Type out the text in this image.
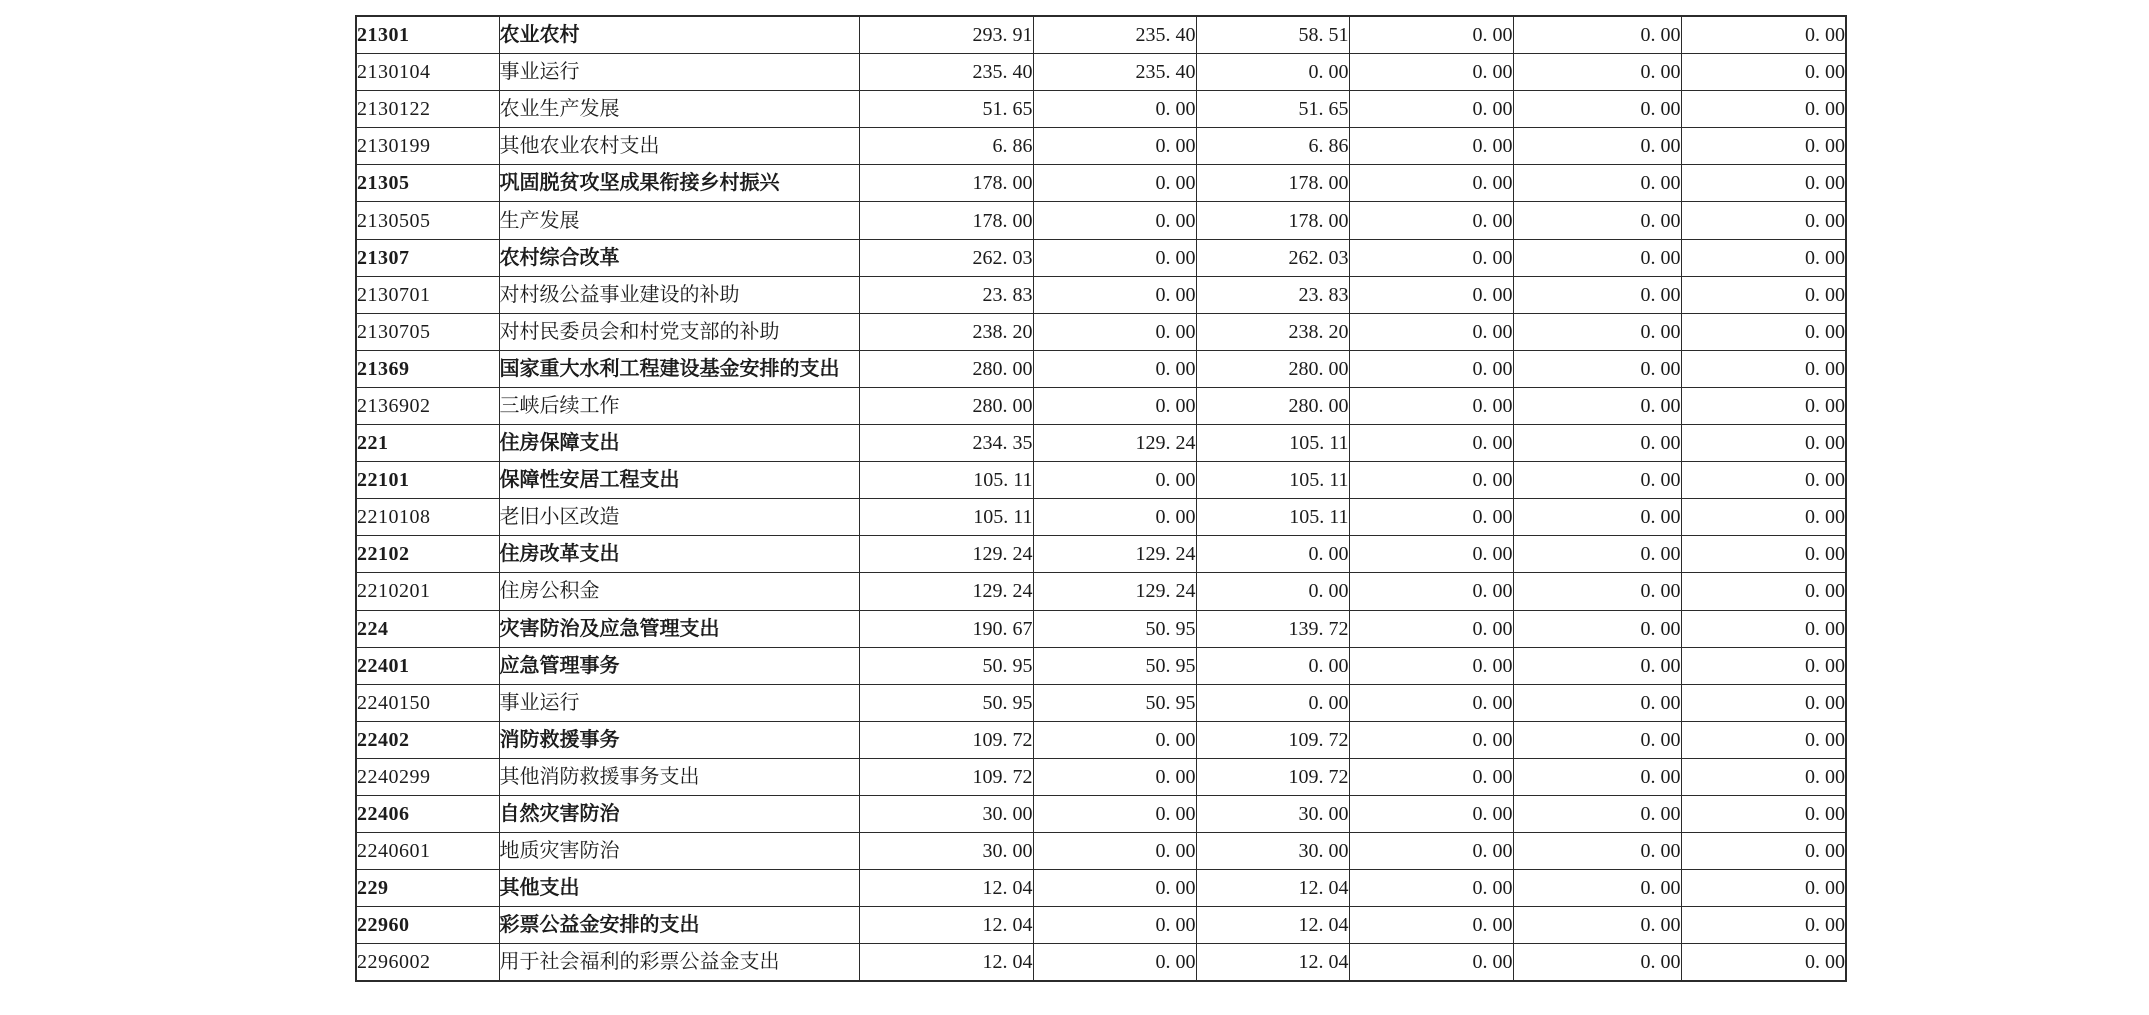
21301	农业农村	293. 91	235. 40	58. 51	0. 00	0. 00	0. 00
2130104	事业运行	235. 40	235. 40	0. 00	0. 00	0. 00	0. 00
2130122	农业生产发展	51. 65	0. 00	51. 65	0. 00	0. 00	0. 00
2130199	其他农业农村支出	6. 86	0. 00	6. 86	0. 00	0. 00	0. 00
21305	巩固脱贫攻坚成果衔接乡村振兴	178. 00	0. 00	178. 00	0. 00	0. 00	0. 00
2130505	生产发展	178. 00	0. 00	178. 00	0. 00	0. 00	0. 00
21307	农村综合改革	262. 03	0. 00	262. 03	0. 00	0. 00	0. 00
2130701	对村级公益事业建设的补助	23. 83	0. 00	23. 83	0. 00	0. 00	0. 00
2130705	对村民委员会和村党支部的补助	238. 20	0. 00	238. 20	0. 00	0. 00	0. 00
21369	国家重大水利工程建设基金安排的支出	280. 00	0. 00	280. 00	0. 00	0. 00	0. 00
2136902	三峡后续工作	280. 00	0. 00	280. 00	0. 00	0. 00	0. 00
221	住房保障支出	234. 35	129. 24	105. 11	0. 00	0. 00	0. 00
22101	保障性安居工程支出	105. 11	0. 00	105. 11	0. 00	0. 00	0. 00
2210108	老旧小区改造	105. 11	0. 00	105. 11	0. 00	0. 00	0. 00
22102	住房改革支出	129. 24	129. 24	0. 00	0. 00	0. 00	0. 00
2210201	住房公积金	129. 24	129. 24	0. 00	0. 00	0. 00	0. 00
224	灾害防治及应急管理支出	190. 67	50. 95	139. 72	0. 00	0. 00	0. 00
22401	应急管理事务	50. 95	50. 95	0. 00	0. 00	0. 00	0. 00
2240150	事业运行	50. 95	50. 95	0. 00	0. 00	0. 00	0. 00
22402	消防救援事务	109. 72	0. 00	109. 72	0. 00	0. 00	0. 00
2240299	其他消防救援事务支出	109. 72	0. 00	109. 72	0. 00	0. 00	0. 00
22406	自然灾害防治	30. 00	0. 00	30. 00	0. 00	0. 00	0. 00
2240601	地质灾害防治	30. 00	0. 00	30. 00	0. 00	0. 00	0. 00
229	其他支出	12. 04	0. 00	12. 04	0. 00	0. 00	0. 00
22960	彩票公益金安排的支出	12. 04	0. 00	12. 04	0. 00	0. 00	0. 00
2296002	用于社会福利的彩票公益金支出	12. 04	0. 00	12. 04	0. 00	0. 00	0. 00
